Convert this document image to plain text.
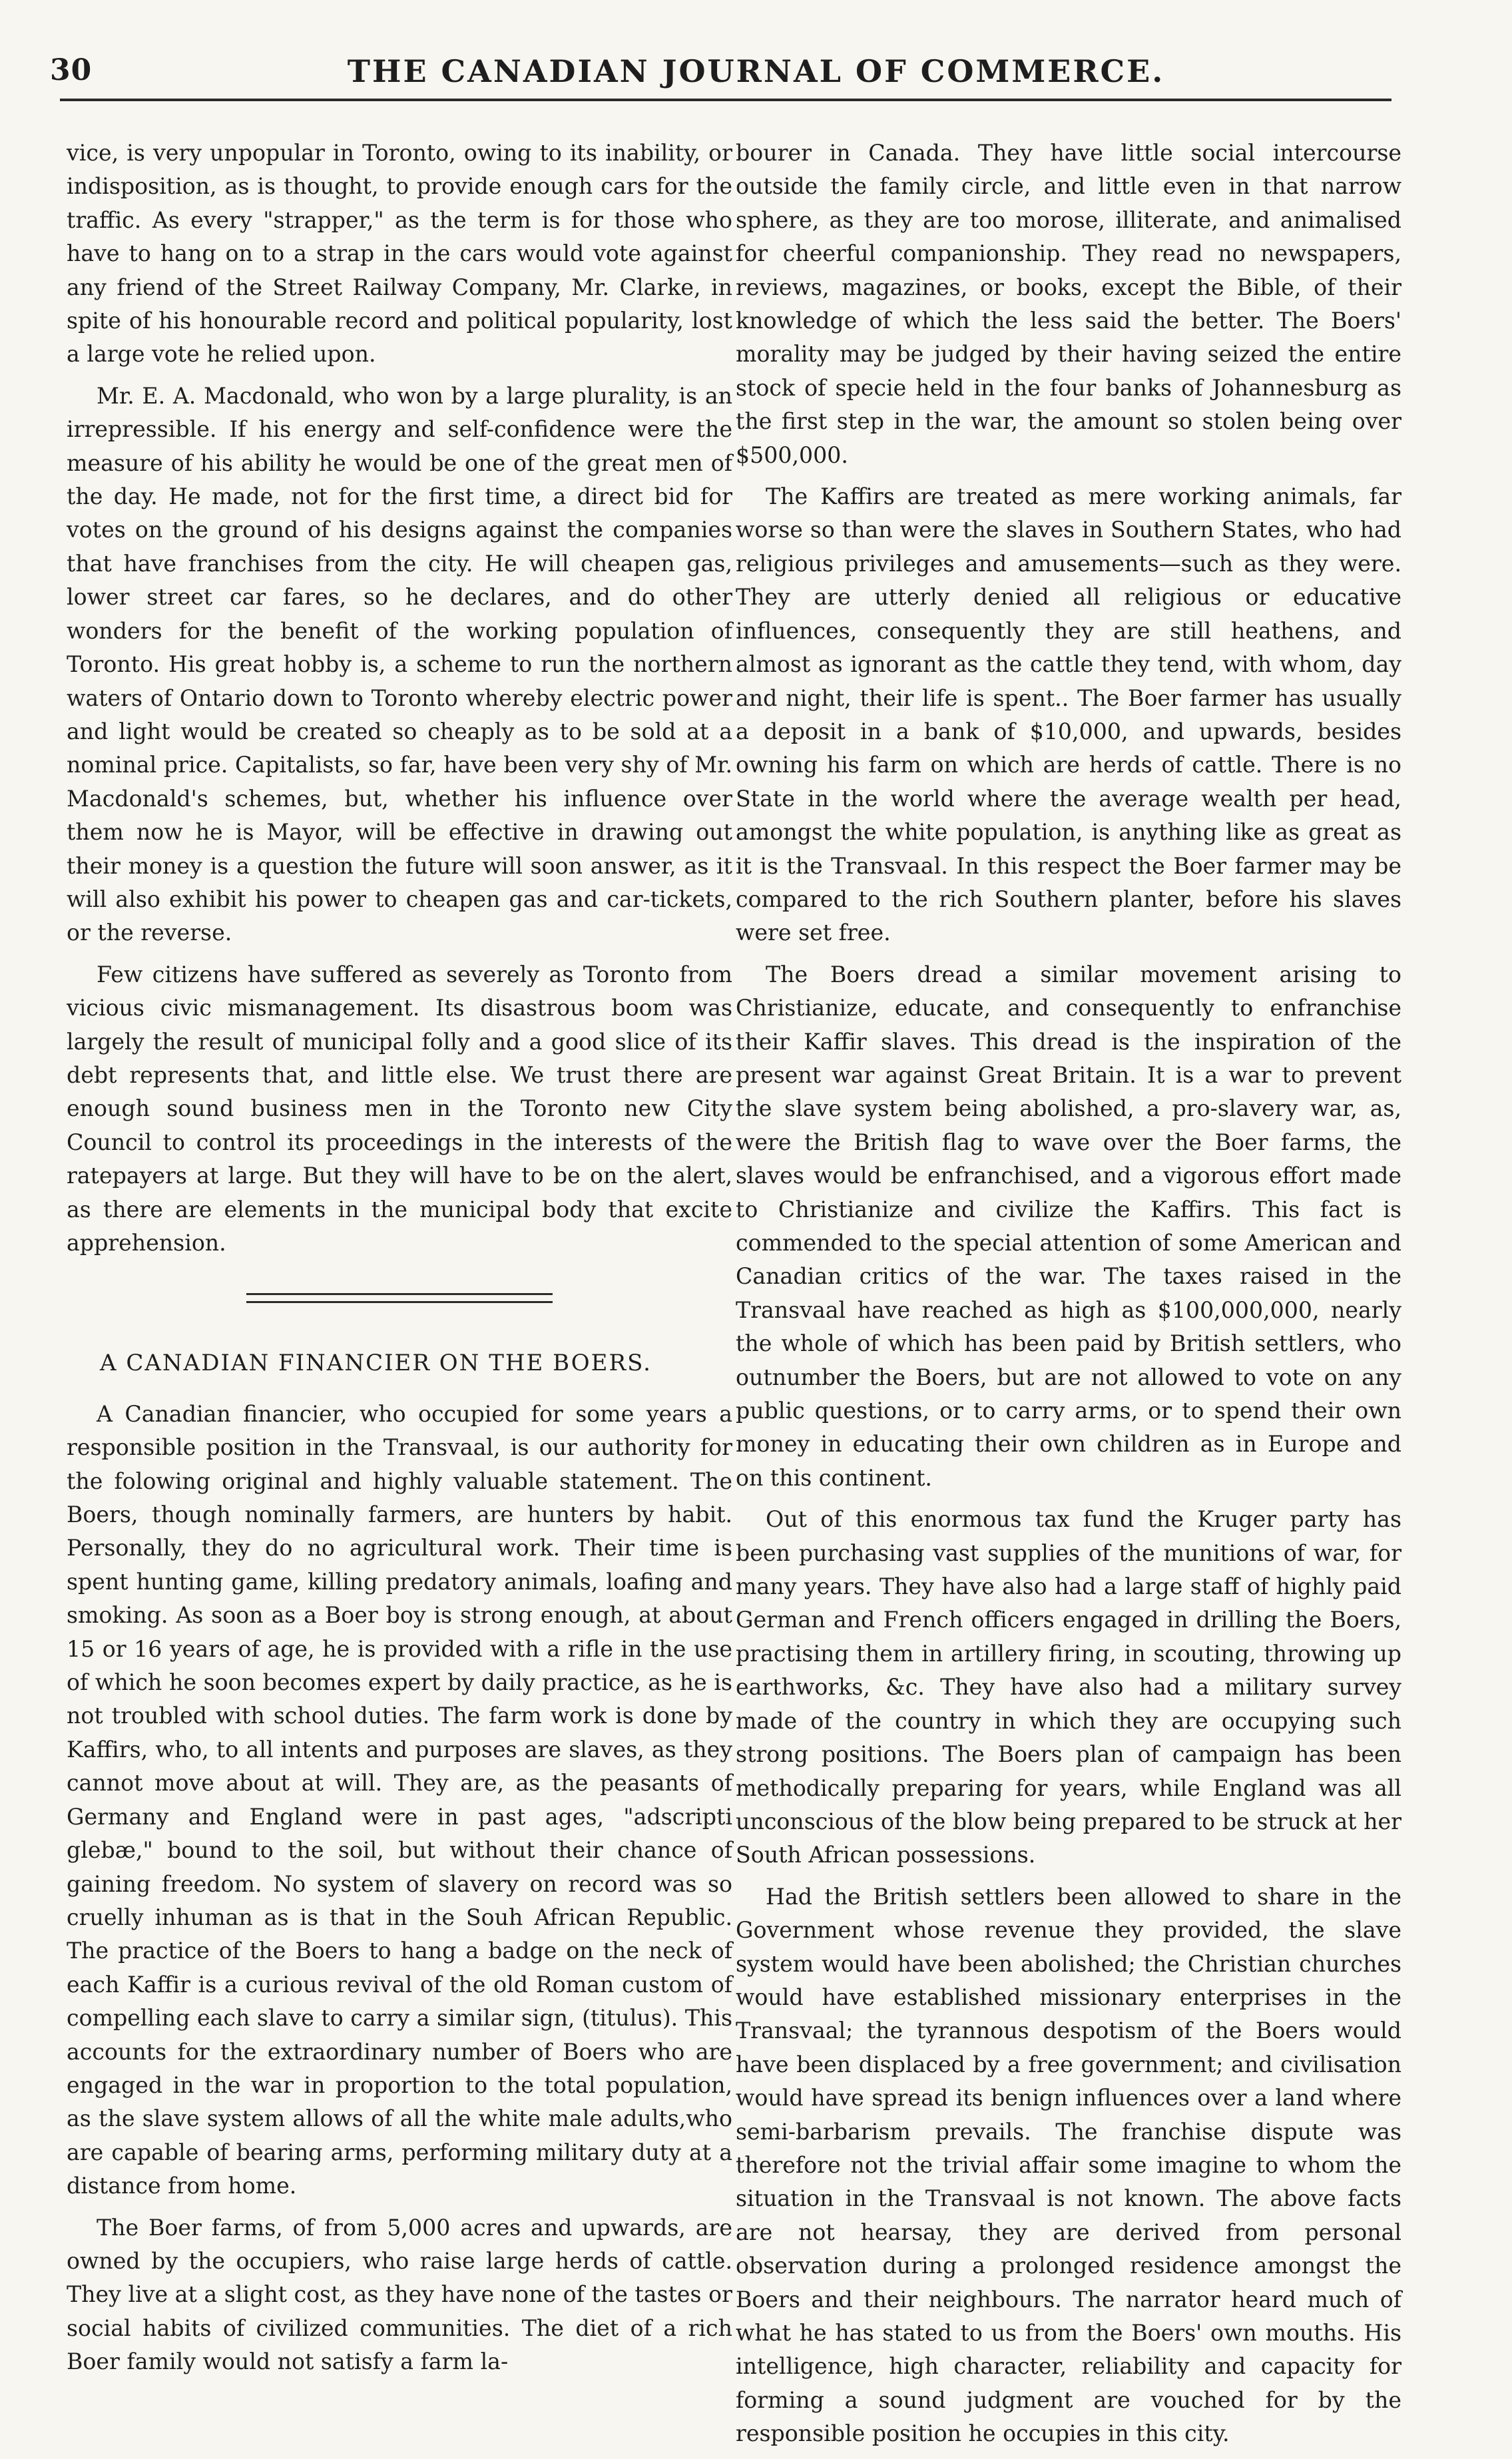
30	THE CANADIAN JOURNAL OF COMMERCE.

vice, is very unpopular in Toronto, owing to its inability, or indisposition, as is thought, to provide enough cars for the traffic. As every "strapper," as the term is for those who have to hang on to a strap in the cars would vote against any friend of the Street Railway Company, Mr. Clarke, in spite of his honourable record and political popularity, lost a large vote he relied upon.

Mr. E. A. Macdonald, who won by a large plurality, is an irrepressible. If his energy and self-confidence were the measure of his ability he would be one of the great men of the day. He made, not for the first time, a direct bid for votes on the ground of his designs against the companies that have franchises from the city. He will cheapen gas, lower street car fares, so he declares, and do other wonders for the benefit of the working population of Toronto. His great hobby is, a scheme to run the northern waters of Ontario down to Toronto whereby electric power and light would be created so cheaply as to be sold at a nominal price. Capitalists, so far, have been very shy of Mr. Macdonald's schemes, but, whether his influence over them now he is Mayor, will be effective in drawing out their money is a question the future will soon answer, as it will also exhibit his power to cheapen gas and car-tickets, or the reverse.

Few citizens have suffered as severely as Toronto from vicious civic mismanagement. Its disastrous boom was largely the result of municipal folly and a good slice of its debt represents that, and little else. We trust there are enough sound business men in the Toronto new City Council to control its proceedings in the interests of the ratepayers at large. But they will have to be on the alert, as there are elements in the municipal body that excite apprehension.

A CANADIAN FINANCIER ON THE BOERS.

A Canadian financier, who occupied for some years a responsible position in the Transvaal, is our authority for the folowing original and highly valuable statement. The Boers, though nominally farmers, are hunters by habit. Personally, they do no agricultural work. Their time is spent hunting game, killing predatory animals, loafing and smoking. As soon as a Boer boy is strong enough, at about 15 or 16 years of age, he is provided with a rifle in the use of which he soon becomes expert by daily practice, as he is not troubled with school duties. The farm work is done by Kaffirs, who, to all intents and purposes are slaves, as they cannot move about at will. They are, as the peasants of Germany and England were in past ages, "adscripti glebæ," bound to the soil, but without their chance of gaining freedom. No system of slavery on record was so cruelly inhuman as is that in the Souh African Republic. The practice of the Boers to hang a badge on the neck of each Kaffir is a curious revival of the old Roman custom of compelling each slave to carry a similar sign, (titulus). This accounts for the extraordinary number of Boers who are engaged in the war in proportion to the total population, as the slave system allows of all the white male adults,who are capable of bearing arms, performing military duty at a distance from home.

The Boer farms, of from 5,000 acres and upwards, are owned by the occupiers, who raise large herds of cattle. They live at a slight cost, as they have none of the tastes or social habits of civilized communities. The diet of a rich Boer family would not satisfy a farm la-

bourer in Canada. They have little social intercourse outside the family circle, and little even in that narrow sphere, as they are too morose, illiterate, and animalised for cheerful companionship. They read no newspapers, reviews, magazines, or books, except the Bible, of their knowledge of which the less said the better. The Boers' morality may be judged by their having seized the entire stock of specie held in the four banks of Johannesburg as the first step in the war, the amount so stolen being over $500,000.

The Kaffirs are treated as mere working animals, far worse so than were the slaves in Southern States, who had religious privileges and amusements—such as they were. They are utterly denied all religious or educative influences, consequently they are still heathens, and almost as ignorant as the cattle they tend, with whom, day and night, their life is spent.. The Boer farmer has usually a deposit in a bank of $10,000, and upwards, besides owning his farm on which are herds of cattle. There is no State in the world where the average wealth per head, amongst the white population, is anything like as great as it is the Transvaal. In this respect the Boer farmer may be compared to the rich Southern planter, before his slaves were set free.

The Boers dread a similar movement arising to Christianize, educate, and consequently to enfranchise their Kaffir slaves. This dread is the inspiration of the present war against Great Britain. It is a war to prevent the slave system being abolished, a pro-slavery war, as, were the British flag to wave over the Boer farms, the slaves would be enfranchised, and a vigorous effort made to Christianize and civilize the Kaffirs. This fact is commended to the special attention of some American and Canadian critics of the war. The taxes raised in the Transvaal have reached as high as $100,000,000, nearly the whole of which has been paid by British settlers, who outnumber the Boers, but are not allowed to vote on any public questions, or to carry arms, or to spend their own money in educating their own children as in Europe and on this continent.

Out of this enormous tax fund the Kruger party has been purchasing vast supplies of the munitions of war, for many years. They have also had a large staff of highly paid German and French officers engaged in drilling the Boers, practising them in artillery firing, in scouting, throwing up earthworks, &c. They have also had a military survey made of the country in which they are occupying such strong positions. The Boers plan of campaign has been methodically preparing for years, while England was all unconscious of the blow being prepared to be struck at her South African possessions.

Had the British settlers been allowed to share in the Government whose revenue they provided, the slave system would have been abolished; the Christian churches would have established missionary enterprises in the Transvaal; the tyrannous despotism of the Boers would have been displaced by a free government; and civilisation would have spread its benign influences over a land where semi-barbarism prevails. The franchise dispute was therefore not the trivial affair some imagine to whom the situation in the Transvaal is not known. The above facts are not hearsay, they are derived from personal observation during a prolonged residence amongst the Boers and their neighbours. The narrator heard much of what he has stated to us from the Boers' own mouths. His intelligence, high character, reliability and capacity for forming a sound judgment are vouched for by the responsible position he occupies in this city.
